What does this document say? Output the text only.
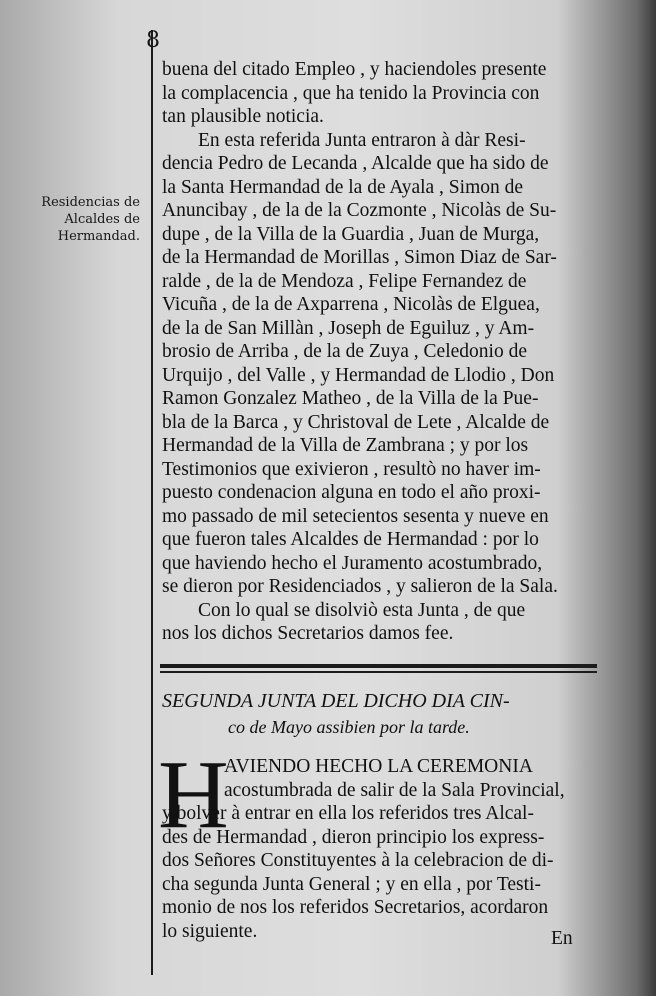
8
Residencias de Alcaldes de Hermandad.
buena del citado Empleo , y haciendoles presente
la complacencia , que ha tenido la Provincia con
tan plausible noticia.
En esta referida Junta entraron à dàr Resi-
dencia Pedro de Lecanda , Alcalde que ha sido de
la Santa Hermandad de la de Ayala , Simon de
Anuncibay , de la de la Cozmonte , Nicolàs de Su-
dupe , de la Villa de la Guardia , Juan de Murga,
de la Hermandad de Morillas , Simon Diaz de Sar-
ralde , de la de Mendoza , Felipe Fernandez de
Vicuña , de la de Axparrena , Nicolàs de Elguea,
de la de San Millàn , Joseph de Eguiluz , y Am-
brosio de Arriba , de la de Zuya , Celedonio de
Urquijo , del Valle , y Hermandad de Llodio , Don
Ramon Gonzalez Matheo , de la Villa de la Pue-
bla de la Barca , y Christoval de Lete , Alcalde de
Hermandad de la Villa de Zambrana ; y por los
Testimonios que exivieron , resultò no haver im-
puesto condenacion alguna en todo el año proxi-
mo passado de mil setecientos sesenta y nueve en
que fueron tales Alcaldes de Hermandad : por lo
que haviendo hecho el Juramento acostumbrado,
se dieron por Residenciados , y salieron de la Sala.
Con lo qual se disolviò esta Junta , de que
nos los dichos Secretarios damos fee.
SEGUNDA JUNTA DEL DICHO DIA CIN-
co de Mayo assibien por la tarde.
H
AVIENDO HECHO LA CEREMONIA
acostumbrada de salir de la Sala Provincial,
y bolver à entrar en ella los referidos tres Alcal-
des de Hermandad , dieron principio los express-
dos Señores Constituyentes à la celebracion de di-
cha segunda Junta General ; y en ella , por Testi-
monio de nos los referidos Secretarios, acordaron
lo siguiente.	En
